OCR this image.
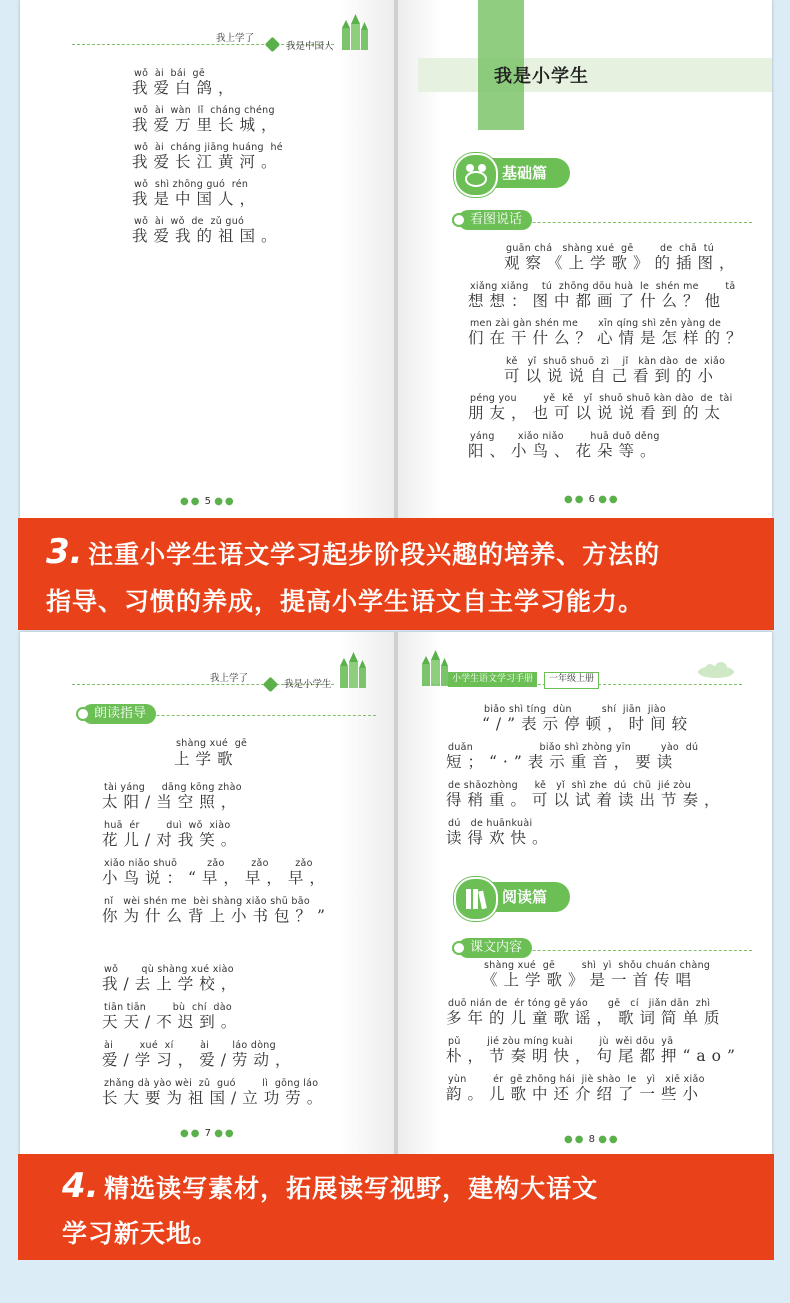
我上学了
我是中国人
wǒ  ài  bái  gē
我爱白鸽，
wǒ  ài  wàn  lǐ  cháng chéng
我爱万里长城，
wǒ  ài  cháng jiāng huáng  hé
我爱长江黄河。
wǒ  shì zhōng guó  rén
我是中国人，
wǒ  ài  wǒ  de  zǔ guó
我爱我的祖国。
●● 5 ●●
我是小学生
基础篇
看图说话
guān chá   shàng xué  gē        de  chā  tú
观察《上学歌》的插图，
xiǎng xiǎng    tú  zhōng dōu huà  le  shén me        tā
想想：图中都画了什么？他
men zài gàn shén me      xīn qíng shì zěn yàng de
们在干什么？心情是怎样的？
kě   yǐ  shuō shuō  zì    jǐ   kàn dào  de  xiǎo
可以说说自己看到的小
péng you        yě  kě   yǐ  shuō shuō kàn dào  de  tài
朋友，也可以说说看到的太
yáng       xiǎo niǎo        huā duǒ děng
阳、小鸟、花朵等。
●● 6 ●●
3. 注重小学生语文学习起步阶段兴趣的培养、方法的
指导、习惯的养成，提高小学生语文自主学习能力。
我上学了
我是小学生
朗读指导
shàng xué  gē
上学歌
tài yáng     dāng kōng zhào
太阳/当空照，
huā  ér        duì  wǒ  xiào
花儿/对我笑。
xiǎo niǎo shuō         zǎo        zǎo        zǎo
小鸟说：“早，早，早，
nǐ   wèi shén me  bèi shàng xiǎo shū bāo
你为什么背上小书包？”
wǒ       qù shàng xué xiào
我/去上学校，
tiān tiān        bù  chí  dào
天天/不迟到。
ài        xué  xí        ài       láo dòng
爱/学习，爱/劳动，
zhǎng dà yào wèi  zǔ  guó        lì  gōng láo
长大要为祖国/立功劳。
●● 7 ●●
小学生语文学习手册	一年级上册
阅读篇
课文内容
biǎo shì tíng  dùn         shí  jiān  jiào
“/”表示停顿，时间较
duǎn                    biǎo shì zhòng yīn         yào  dú
短；“·”表示重音，要读
de shāozhòng     kě   yǐ  shì zhe  dú  chū  jié zòu
得稍重。可以试着读出节奏，
dú   de huānkuài
读得欢快。
shàng xué  gē        shì  yì  shǒu chuán chàng
《上学歌》是一首传唱
duō nián de  ér tóng gē yáo      gē   cí   jiǎn dān  zhì
多年的儿童歌谣，歌词简单质
pǔ        jié zòu míng kuài        jù  wěi dōu  yā
朴，节奏明快，句尾都押“ao”
yùn        ér  gē zhōng hái  jiè shào  le   yì   xiē xiǎo
韵。儿歌中还介绍了一些小
●● 8 ●●
4. 精选读写素材，拓展读写视野，建构大语文
学习新天地。
